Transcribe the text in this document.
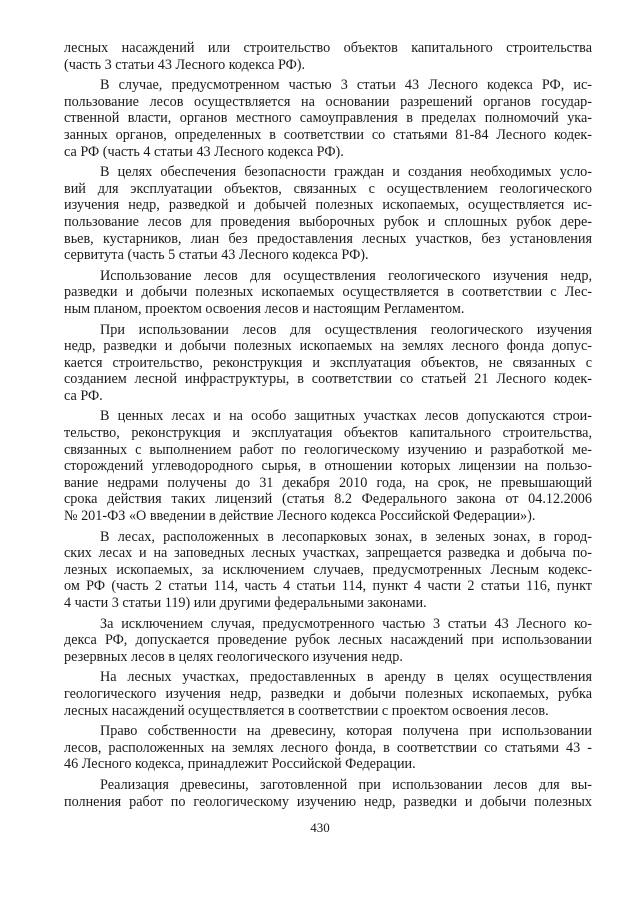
лесных насаждений или строительство объектов капитального строительства
(часть 3 статьи 43 Лесного кодекса РФ).
В случае, предусмотренном частью 3 статьи 43 Лесного кодекса РФ, ис-
пользование лесов осуществляется на основании разрешений органов государ-
ственной власти, органов местного самоуправления в пределах полномочий ука-
занных органов, определенных в соответствии со статьями 81-84 Лесного кодек-
са РФ (часть 4 статьи 43 Лесного кодекса РФ).
В целях обеспечения безопасности граждан и создания необходимых усло-
вий для эксплуатации объектов, связанных с осуществлением геологического
изучения недр, разведкой и добычей полезных ископаемых, осуществляется ис-
пользование лесов для проведения выборочных рубок и сплошных рубок дере-
вьев, кустарников, лиан без предоставления лесных участков, без установления
сервитута (часть 5 статьи 43 Лесного кодекса РФ).
Использование лесов для осуществления геологического изучения недр,
разведки и добычи полезных ископаемых осуществляется в соответствии с Лес-
ным планом, проектом освоения лесов и настоящим Регламентом.
При использовании лесов для осуществления геологического изучения
недр, разведки и добычи полезных ископаемых на землях лесного фонда допус-
кается строительство, реконструкция и эксплуатация объектов, не связанных с
созданием лесной инфраструктуры, в соответствии со статьей 21 Лесного кодек-
са РФ.
В ценных лесах и на особо защитных участках лесов допускаются строи-
тельство, реконструкция и эксплуатация объектов капитального строительства,
связанных с выполнением работ по геологическому изучению и разработкой ме-
сторождений углеводородного сырья, в отношении которых лицензии на пользо-
вание недрами получены до 31 декабря 2010 года, на срок, не превышающий
срока действия таких лицензий (статья 8.2 Федерального закона от 04.12.2006
№ 201-ФЗ «О введении в действие Лесного кодекса Российской Федерации»).
В лесах, расположенных в лесопарковых зонах, в зеленых зонах, в город-
ских лесах и на заповедных лесных участках, запрещается разведка и добыча по-
лезных ископаемых, за исключением случаев, предусмотренных Лесным кодекс-
ом РФ (часть 2 статьи 114, часть 4 статьи 114, пункт 4 части 2 статьи 116, пункт
4 части 3 статьи 119) или другими федеральными законами.
За исключением случая, предусмотренного частью 3 статьи 43 Лесного ко-
декса РФ, допускается проведение рубок лесных насаждений при использовании
резервных лесов в целях геологического изучения недр.
На лесных участках, предоставленных в аренду в целях осуществления
геологического изучения недр, разведки и добычи полезных ископаемых, рубка
лесных насаждений осуществляется в соответствии с проектом освоения лесов.
Право собственности на древесину, которая получена при использовании
лесов, расположенных на землях лесного фонда, в соответствии со статьями 43 -
46 Лесного кодекса, принадлежит Российской Федерации.
Реализация древесины, заготовленной при использовании лесов для вы-
полнения работ по геологическому изучению недр, разведки и добычи полезных
430
